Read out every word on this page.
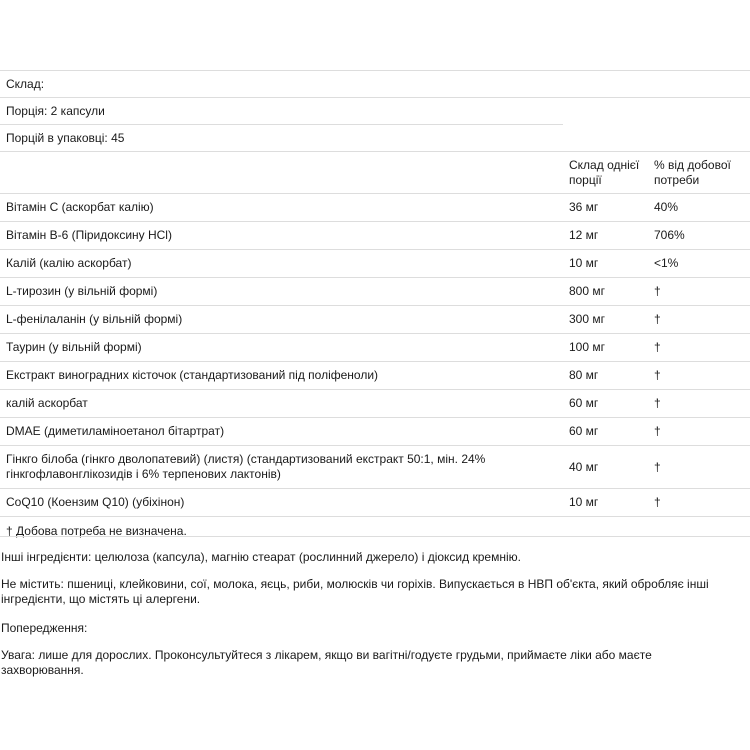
Склад:
Порція: 2 капсули
Порцій в упаковці: 45
	Склад однієї порції	% від добової потреби
Вітамін С (аскорбат калію)	36 мг	40%
Вітамін В-6 (Піридоксину HCl)	12 мг	706%
Калій (калію аскорбат)	10 мг	<1%
L-тирозин (у вільній формі)	800 мг	†
L-фенілаланін (у вільній формі)	300 мг	†
Таурин (у вільній формі)	100 мг	†
Екстракт виноградних кісточок (стандартизований під поліфеноли)	80 мг	†
калій аскорбат	60 мг	†
DMAE (диметиламіноетанол бітартрат)	60 мг	†
Гінкго білоба (гінкго дволопатевий) (листя) (стандартизований екстракт 50:1, мін. 24% гінкгофлавонглікозидів і 6% терпенових лактонів)	40 мг	†
CoQ10 (Коензим Q10) (убіхінон)	10 мг	†
† Добова потреба не визначена.		

Інші інгредієнти: целюлоза (капсула), магнію стеарат (рослинний джерело) і діоксид кремнію.

Не містить: пшениці, клейковини, сої, молока, яєць, риби, молюсків чи горіхів. Випускається в НВП об'єкта, який обробляє інші інгредієнти, що містять ці алергени.

Попередження:

Увага: лише для дорослих. Проконсультуйтеся з лікарем, якщо ви вагітні/годуєте грудьми, приймаєте ліки або маєте захворювання.
